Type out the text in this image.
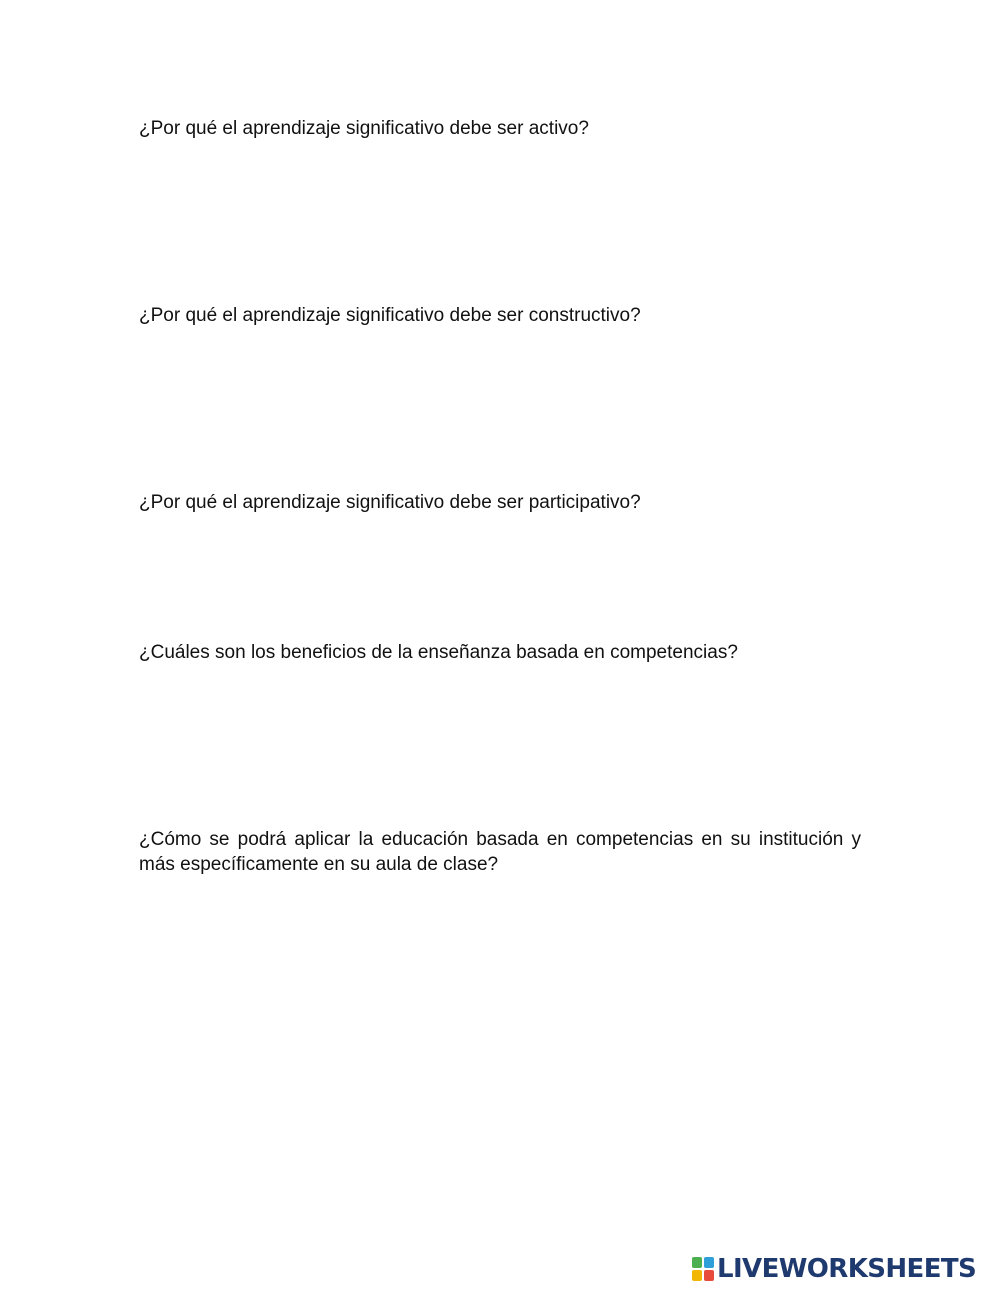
¿Por qué el aprendizaje significativo debe ser activo?

¿Por qué el aprendizaje significativo debe ser constructivo?

¿Por qué el aprendizaje significativo debe ser participativo?

¿Cuáles son los beneficios de la enseñanza basada en competencias?

¿Cómo se podrá aplicar la educación basada en competencias en su institución y más específicamente en su aula de clase?

LIVEWORKSHEETS
